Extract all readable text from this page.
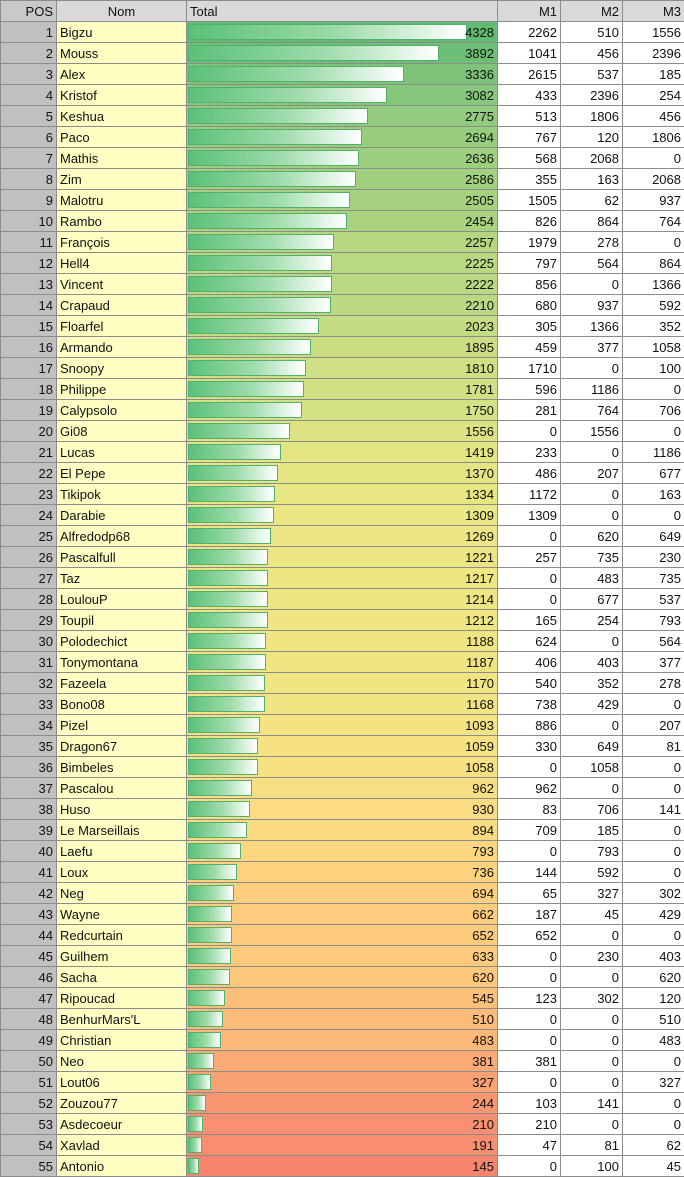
POS	Nom	Total	M1	M2	M3
1	Bigzu	4328	2262	510	1556
2	Mouss	3892	1041	456	2396
3	Alex	3336	2615	537	185
4	Kristof	3082	433	2396	254
5	Keshua	2775	513	1806	456
6	Paco	2694	767	120	1806
7	Mathis	2636	568	2068	0
8	Zim	2586	355	163	2068
9	Malotru	2505	1505	62	937
10	Rambo	2454	826	864	764
11	François	2257	1979	278	0
12	Hell4	2225	797	564	864
13	Vincent	2222	856	0	1366
14	Crapaud	2210	680	937	592
15	Floarfel	2023	305	1366	352
16	Armando	1895	459	377	1058
17	Snoopy	1810	1710	0	100
18	Philippe	1781	596	1186	0
19	Calypsolo	1750	281	764	706
20	Gi08	1556	0	1556	0
21	Lucas	1419	233	0	1186
22	El Pepe	1370	486	207	677
23	Tikipok	1334	1172	0	163
24	Darabie	1309	1309	0	0
25	Alfredodp68	1269	0	620	649
26	Pascalfull	1221	257	735	230
27	Taz	1217	0	483	735
28	LoulouP	1214	0	677	537
29	Toupil	1212	165	254	793
30	Polodechict	1188	624	0	564
31	Tonymontana	1187	406	403	377
32	Fazeela	1170	540	352	278
33	Bono08	1168	738	429	0
34	Pizel	1093	886	0	207
35	Dragon67	1059	330	649	81
36	Bimbeles	1058	0	1058	0
37	Pascalou	962	962	0	0
38	Huso	930	83	706	141
39	Le Marseillais	894	709	185	0
40	Laefu	793	0	793	0
41	Loux	736	144	592	0
42	Neg	694	65	327	302
43	Wayne	662	187	45	429
44	Redcurtain	652	652	0	0
45	Guilhem	633	0	230	403
46	Sacha	620	0	0	620
47	Ripoucad	545	123	302	120
48	BenhurMars'L	510	0	0	510
49	Christian	483	0	0	483
50	Neo	381	381	0	0
51	Lout06	327	0	0	327
52	Zouzou77	244	103	141	0
53	Asdecoeur	210	210	0	0
54	Xavlad	191	47	81	62
55	Antonio	145	0	100	45
